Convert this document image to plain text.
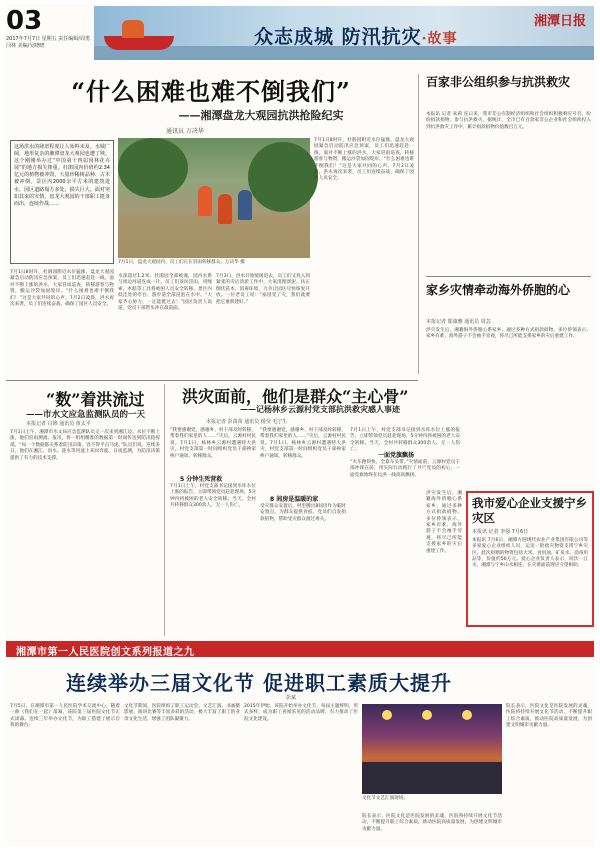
03
2017年7月7日 星期五 责任编辑/周勇 闫林 美编/吴晓晓	众志成城 防汛抗灾·故事
湘潭日报
“什么困难也难不倒我们”
——湘潭盘龙大观园抗洪抢险纪实
通讯员 万决华
这场洪水的肆虐程度让人始料未及。水城广阔，地形复杂的湘潭盘龙大观园也遭了殃。这个刚刚举办过“中国第十四届园林花卉展”的地方损失惨重。杜鹃园内价值约2.34亿元的植物被冲毁，大量珍稀树品种、古木被冲倒。景区内2000余平方米的建筑进水，园区道路塌方多处，损失巨大。面对突如其来的灾情，盘龙大观园的干部职工挺身而出，连续作战……
7月1日，盘龙大观园内，员工们正在冒雨转移群众。万决华 摄
7月1日8时许，杜鹃园附近水位猛涨，盘龙大观园紧急启动防汛应急预案，员工们迅速赶赴一线。面对不断上涨的洪水，大家冒雨巡查，转移游客与物资，搬运沙袋加固堤岸。“什么困难也难不倒我们！”这是大家共同的心声。7月2日凌晨，洪水再次来袭，员工们连续奋战，确保了园区人员安全。
水深超过1.2米，杜鹃园全部被淹，园内水系与周边河道连成一片。员工们顶风冒雨，用绳索、木船等工具将被困人员安全转移。景区内低洼处的亭台、游步道全部浸泡在水中。“大家齐心协力，一定能挺过去！”园区负责人说道，党员干部带头冲在最前面。
7月3日，洪水开始缓缓退去，员工们又投入到紧张的灾后清淤工作中。大家清理淤泥、扶正倒伏苗木、消毒环境，力争让园区尽快恢复开放。一位老员工说：“家园受了灾，我们就要把它重新建好。”
7月1日8时许，杜鹃园附近水位猛涨，盘龙大观园紧急启动防汛应急预案，员工们迅速赶赴一线。面对不断上涨的洪水，大家冒雨巡查，转移游客与物资，搬运沙袋加固堤岸。“什么困难也难不倒我们！”这是大家共同的心声。7月2日凌晨，洪水再次来袭，员工们连续奋战，确保了园区人员安全。
百家非公组织参与抗洪救灾
本报讯 记者 朱莉 连日来，我市非公有制经济组织和社会组织积极响应号召，纷纷捐款捐物，参与抗洪救灾。据统计，全市已有百余家非公企业和社会组织投入到抗洪救灾工作中，累计捐款捐物价值数百万元。
家乡灾情牵动海外侨胞的心
本报记者 邬康雅 通讯员 周芸
洪灾发生后，湘籍海外侨胞心系家乡，通过多种方式捐款捐物。多位侨领表示，家乡有难，海外游子不会袖手旁观，将尽己所能支援家乡的灾后重建工作。
我市爱心企业支援宁乡灾区
本报讯 记者 李强 7月6日
本报讯 7月6日，湘潭方圆现代农业产业集团有限公司等多家爱心企业组织人员，运送一批救灾物资支援宁乡灾区。此次捐赠的物资包括大米、食用油、矿泉水、消毒用品等，价值约50万元。爱心企业负责人表示，同饮一江水，湘潭与宁乡山水相连，在灾难面前理应守望相助。
洪灾发生后，湘籍海外侨胞心系家乡，通过多种方式捐款捐物。多位侨领表示，家乡有难，海外游子不会袖手旁观，将尽己所能支援家乡的灾后重建工作。
“数”着洪流过
——市水文应急监测队员的一天
本报记者 白锦 通讯员 黄太平
7月1日上午，湘潭市水文局应急监测队员又一次来到湘江边。水位不断上涨，他们冒雨测流、报汛，将一组组精准的数据第一时间传送到防汛指挥部。“每一个数据都关系着防汛决策，容不得半点马虎。”队员们说。连续多日，他们在湘江、涓水、涟水等河流上来回奔波，日夜监测，为防汛决策提供了有力的技术支撑。
洪灾面前，他们是群众“主心骨”
——记杨林乡云源村党支部抗洪救灾感人事迹
本报记者 彭苗苗 通讯员 杨莹 毛宁生
“我要感谢党，感谢乡、村干部及时转移，帮着我们家里的人……”灾后，云源村村民说。7月1日，杨林乡云源村遭遇特大洪灾，村党支部第一时间组织党员干部挨家挨户通知、转移群众。
5 分钟生死营救
7月1日上午，村党支部书记接到水库水位上涨的报告，立即带领党员赶赴现场，5分钟内将被困的老人安全转移。当天，全村共转移群众300余人，无一人伤亡。
“我要感谢党，感谢乡、村干部及时转移，帮着我们家里的人……”灾后，云源村村民说。7月1日，杨林乡云源村遭遇特大洪灾，村党支部第一时间组织党员干部挨家挨户通知、转移群众。
8 间房是温暖的家
受灾群众安置后，村里腾出8间房作为临时安置点，为群众提供食宿。党员们自发捐款捐物，帮助受灾群众渡过难关。
7月1日上午，村党支部书记接到水库水位上涨的报告，立即带领党员赶赴现场，5分钟内将被困的老人安全转移。当天，全村共转移群众300余人，无一人伤亡。
一面党旗飘扬
“火车跑得快，全靠车头带。”灾情面前，云源村党员干部冲锋在前，用实际行动践行了共产党员的初心，一面党旗始终在抗洪一线高高飘扬。
湘潭市第一人民医院创文系列报道之九
连续举办三届文化节 促进职工素质大提升
彭斌
7月5日，在湘潭市第一人民医院学术交流中心，随着一曲《我们在一起》落幕，该院第三届医院文化节正式闭幕。连续三年举办文化节，为职工搭建了展示自我的舞台。
文化节期间，医院组织了职工运动会、文艺汇演、书画摄影展、演讲比赛等丰富多彩的活动，极大丰富了职工的业余文化生活，增强了团队凝聚力。
2015年伊始，该院开始举办文化节，每届主题鲜明、形式多样，成为职工喜闻乐见的活动品牌，有力推动了医院文化建设。
文化节文艺汇演现场。
院长表示，医院文化是医院发展的灵魂，医院将持续开展文化节活动，不断提升职工综合素质，推动医院高质量发展，为创建文明城市贡献力量。
院长表示，医院文化是医院发展的灵魂，医院将持续开展文化节活动，不断提升职工综合素质，推动医院高质量发展，为创建文明城市贡献力量。
